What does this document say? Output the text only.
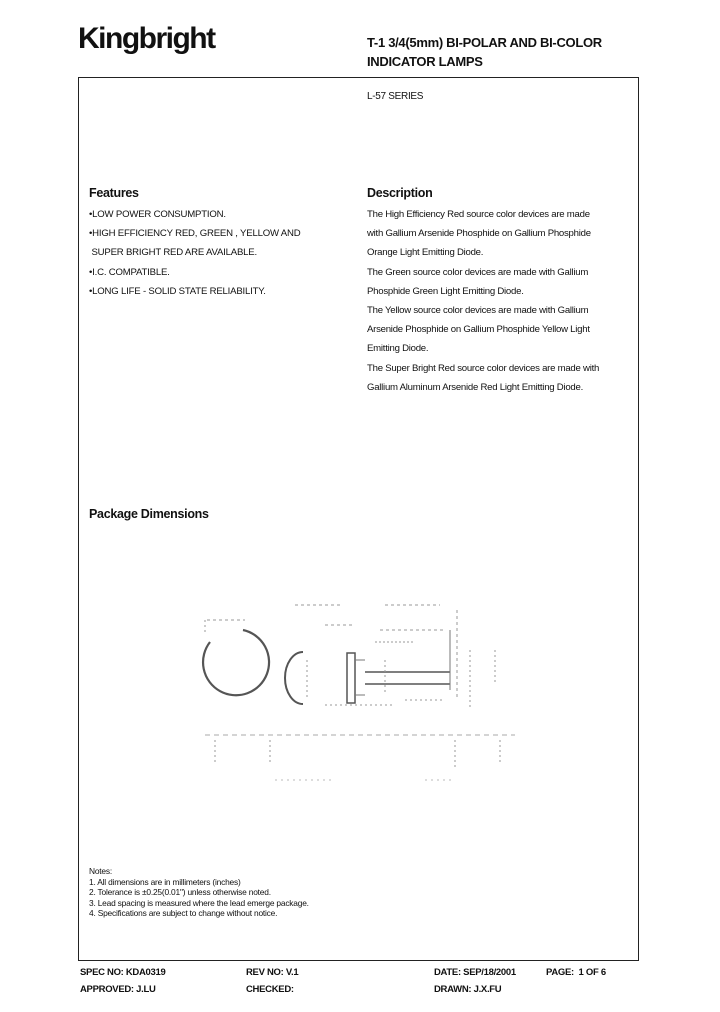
Kingbright	T-1 3/4(5mm) BI-POLAR AND BI-COLOR
INDICATOR LAMPS
L-57 SERIES
Features
•LOW POWER CONSUMPTION.
•HIGH EFFICIENCY RED, GREEN , YELLOW AND
SUPER BRIGHT RED ARE AVAILABLE.
•I.C. COMPATIBLE.
•LONG LIFE - SOLID STATE RELIABILITY.
Description
The High Efficiency Red source color devices are made
with Gallium Arsenide Phosphide on Gallium Phosphide
Orange Light Emitting Diode.
The Green source color devices are made with Gallium
Phosphide Green Light Emitting Diode.
The Yellow source color devices are made with Gallium
Arsenide Phosphide on Gallium Phosphide Yellow Light
Emitting Diode.
The Super Bright Red source color devices are made with
Gallium Aluminum Arsenide Red Light Emitting Diode.
Package Dimensions
Notes:
1. All dimensions are in millimeters (inches)
2. Tolerance is ±0.25(0.01") unless otherwise noted.
3. Lead spacing is measured where the lead emerge package.
4. Specifications are subject to change without notice.
SPEC NO: KDA0319	REV NO: V.1	DATE: SEP/18/2001	PAGE:  1 OF 6
APPROVED: J.LU	CHECKED:	DRAWN: J.X.FU
